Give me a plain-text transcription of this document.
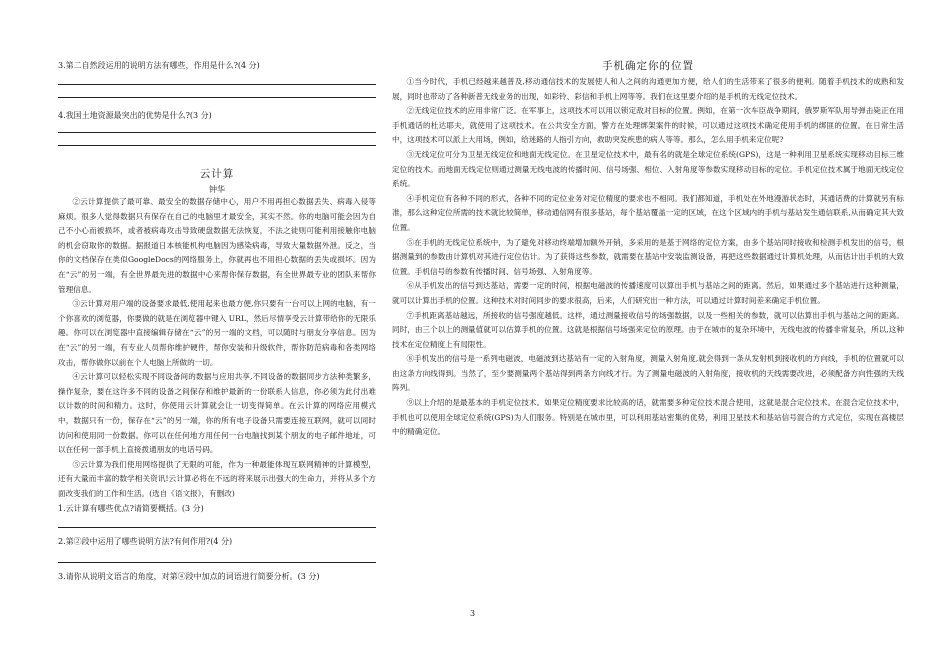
3.第二自然段运用的说明方法有哪些，作用是什么?(4 分)

4.我国土地资源最突出的优势是什么?(3 分)

云计算

钟华

②云计算提供了最可靠、最安全的数据存储中心，用户不用再担心数据丢失、病毒入侵等麻烦。很多人觉得数据只有保存在自己的电脑里才最安全，其实不然。你的电脑可能会因为自己不小心而被损坏，或者被病毒攻击导致硬盘数据无法恢复，不法之徒则可能利用接触你电脑的机会窃取你的数据。据报道日本核能机构电脑因为感染病毒，导致大量数据外泄。反之，当你的文档保存在类似GoogleDocs的网络服务上，你就再也不用担心数据的丢失或损坏。因为在“云”的另一端，有全世界最先进的数据中心来帮你保存数据，有全世界最专业的团队来帮你管理信息。

③云计算对用户端的设备要求最低,使用起来也最方便,你只要有一台可以上网的电脑，有一个你喜欢的浏览器，你要做的就是在浏览器中键入 URL，然后尽情享受云计算带给你的无限乐趣。你可以在浏览器中直接编辑存储在“云”的另一端的文档，可以随时与朋友分享信息。因为在“云”的另一端，有专业人员帮你维护硬件，帮你安装和升级软件，帮你防范病毒和各类网络攻击，帮你做你以前在个人电脑上所做的一切。

④云计算可以轻松实现不同设备间的数据与应用共享,不同设备的数据同步方法种类繁多，操作复杂，要在这许多不同的设备之间保存和维护最新的一份联系人信息，你必须为此付出难以计数的时间和精力。这时，你使用云计算就会让一切变得简单。在云计算的网络应用模式中，数据只有一份，保存在“云”的另一端，你的所有电子设备只需要连接互联网，就可以同时访问和使用同一份数据。你可以在任何地方用任何一台电脑找到某个朋友的电子邮件地址，可以在任何一部手机上直接拨通朋友的电话号码。

⑤云计算为我们使用网络提供了无限的可能，作为一种最能体现互联网精神的计算模型，还有大量而丰富的数学相关资讯!云计算必将在不远的将来展示出强大的生命力，并将从多个方面改变我们的工作和生活。(选自《语文报》，有删改)

1.云计算有哪些优点?请简要概括。(3 分)

2.第②段中运用了哪些说明方法?有何作用?(4 分)

3.请你从说明文语言的角度，对第④段中加点的词语进行简要分析。(3 分)

手机确定你的位置

①当今时代，手机已经越来越普及,移动通信技术的发展使人和人之间的沟通更加方便，给人们的生活带来了很多的便利。随着手机技术的成熟和发展，同时也带动了各种新普无线业务的出现，如彩铃、彩信和手机上网等等。我们在这里要介绍的是手机的无线定位技术。

②无线定位技术的应用非常广泛。在军事上，这项技术可以用以锁定敌对目标的位置。例如，在第一次车臣战争期间，俄罗斯军队用导弹击毙正在用手机通话的杜达耶夫，就使用了这项技术。在公共安全方面，警方在处理绑架案件的时候，可以通过这项技术确定使用手机的绑匪的位置。在日常生活中，这项技术可以派上大用场，例如，给迷路的人指引方向，救助突发疾患的病人等等。那么，怎么用手机来定位呢?

③无线定位可分为卫星无线定位和地面无线定位。在卫星定位技术中，最有名的就是全球定位系统(GPS)，这是一种利用卫星系统实现移动目标三维定位的技术。而地面无线定位则通过测量无线电波的传播时间、信号场强、相位、入射角度等参数实现移动目标的定位。手机定位技术属于地面无线定位系统。

④手机定位有各种不同的形式，各种不同的定位业务对定位精度的要求也不相同。我们都知道，手机处在外地漫游状态时，其通话费的计算就另有标准，那么这种定位所需的技术就比较简单，移动通信网有很多基站，每个基站覆盖一定的区域，在这个区域内的手机与基站发生通信联系,从而确定其大致位置。

⑤在手机的无线定位系统中，为了避免对移动终端增加额外开销，多采用的是基于网络的定位方案，由多个基站同时接收和检测手机发出的信号，根据测量到的参数由计算机对其进行定位估计。为了获得这些参数，就需要在基站中安装监测设备，再把这些数据通过计算机处理，从而估计出手机的大致位置。手机信号的参数有传播时间、信号场强、入射角度等。

⑥从手机发出的信号到达基站，需要一定的时间，根据电磁波的传播速度可以算出手机与基站之间的距离。然后，如果通过多个基站进行这种测量，就可以计算出手机的位置。这种技术对时间同步的要求很高，后来，人们研究出一种方法，可以通过计算时间差来确定手机位置。

⑦手机距离基站越远，所接收的信号强度越低。这样，通过测量接收信号的场强数据，以及一些相关的参数，就可以估算出手机与基站之间的距离。同时，由三个以上的测量值就可以估算手机的位置。这就是根据信号场强来定位的原理。由于在城市的复杂环境中，无线电波的传播非常复杂，所以,这种技术在定位精度上有局限性。

⑧手机发出的信号是一系列电磁波，电磁波到达基站有一定的入射角度，测量入射角度,就会得到一条从发射机到接收机的方向线，手机的位置就可以由这条方向线得到。当然了，至少要测量两个基站得到两条方向线才行。为了测量电磁波的入射角度，接收机的天线需要改进，必须配备方向性强的天线阵列。

⑨以上介绍的是最基本的手机定位技术。如果定位精度要求比较高的话，就需要多种定位技术混合使用，这就是混合定位技术。在混合定位技术中，手机也可以使用全球定位系统(GPS)为人们服务。特别是在城市里，可以利用基站密集的优势，利用卫星技术和基站信号混合的方式定位，实现在高楼层中的精确定位。

3
